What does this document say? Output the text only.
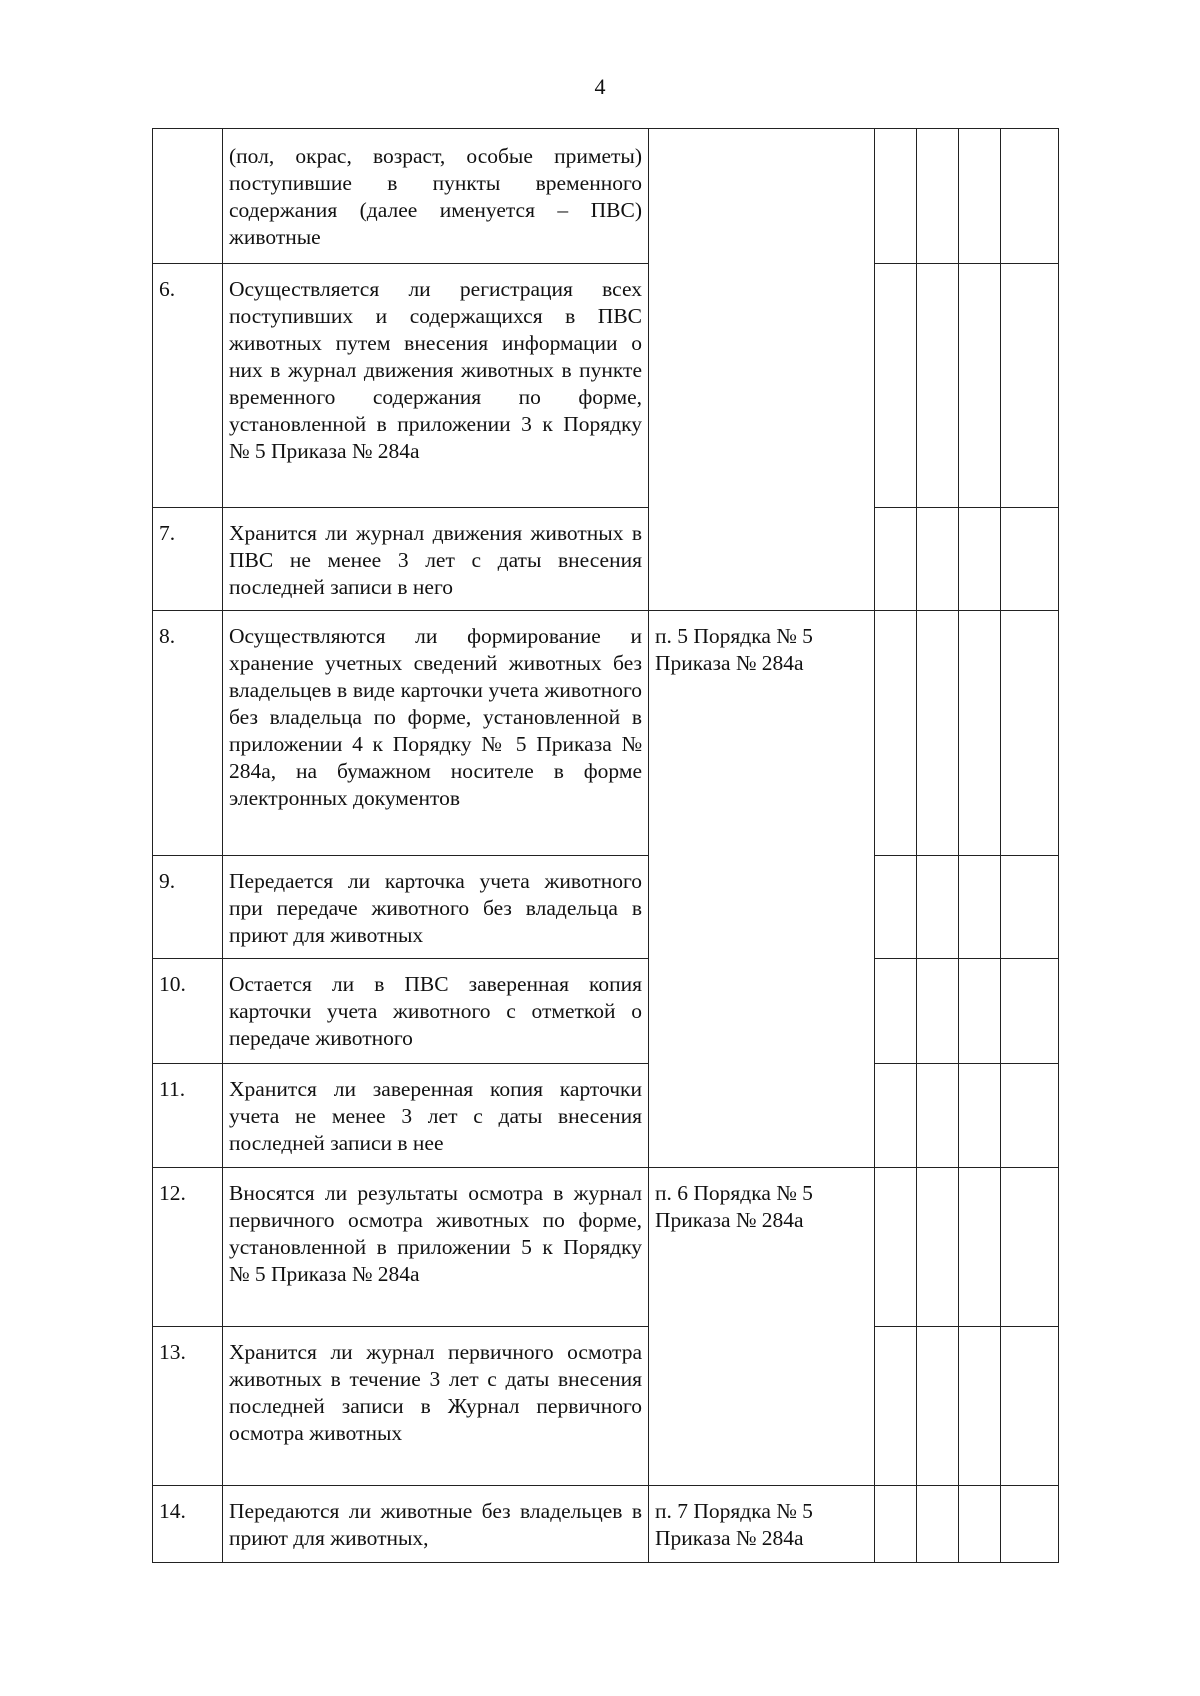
4
	(пол, окрас, возраст, особые приметы) поступившие в пункты временного содержания (далее именуется – ПВС) животные					
6.	Осуществляется ли регистрация всех поступивших и содержащихся в ПВС животных путем внесения информации о них в журнал движения животных в пункте временного содержания по форме, установленной в приложении 3 к Порядку № 5 Приказа № 284а					
7.	Хранится ли журнал движения животных в ПВС не менее 3 лет с даты внесения последней записи в него					
8.	Осуществляются ли формирование и хранение учетных сведений животных без владельцев в виде карточки учета животного без владельца по форме, установленной в приложении 4 к Порядку № 5 Приказа № 284а, на бумажном носителе в форме электронных документов	п. 5 Порядка № 5 Приказа № 284а				
9.	Передается ли карточка учета животного при передаче животного без владельца в приют для животных					
10.	Остается ли в ПВС заверенная копия карточки учета животного с отметкой о передаче животного					
11.	Хранится ли заверенная копия карточки учета не менее 3 лет с даты внесения последней записи в нее					
12.	Вносятся ли результаты осмотра в журнал первичного осмотра животных по форме, установленной в приложении 5 к Порядку № 5 Приказа № 284а	п. 6 Порядка № 5 Приказа № 284а				
13.	Хранится ли журнал первичного осмотра животных в течение 3 лет с даты внесения последней записи в Журнал первичного осмотра животных					
14.	Передаются ли животные без владельцев в приют для животных,	п. 7 Порядка № 5 Приказа № 284а				
